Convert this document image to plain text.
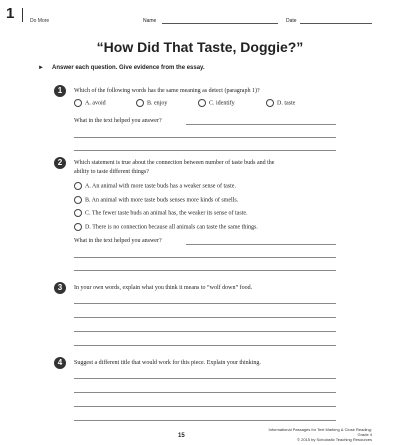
1	Do More	Name	Date
“How Did That Taste, Doggie?”
► Answer each question. Give evidence from the essay.
1	Which of the following words has the same meaning as detect (paragraph 1)?
A. avoid	B. enjoy	C. identify	D. taste
What in the text helped you answer?
2	Which statement is true about the connection between number of taste buds and the
ability to taste different things?
A. An animal with more taste buds has a weaker sense of taste.
B. An animal with more taste buds senses more kinds of smells.
C. The fewer taste buds an animal has, the weaker its sense of taste.
D. There is no connection because all animals can taste the same things.
What in the text helped you answer?
3	In your own words, explain what you think it means to “wolf down” food.
4	Suggest a different title that would work for this piece. Explain your thinking.
15
Informational Passages for Text Marking & Close Reading: Grade 4
© 2015 by Scholastic Teaching Resources
